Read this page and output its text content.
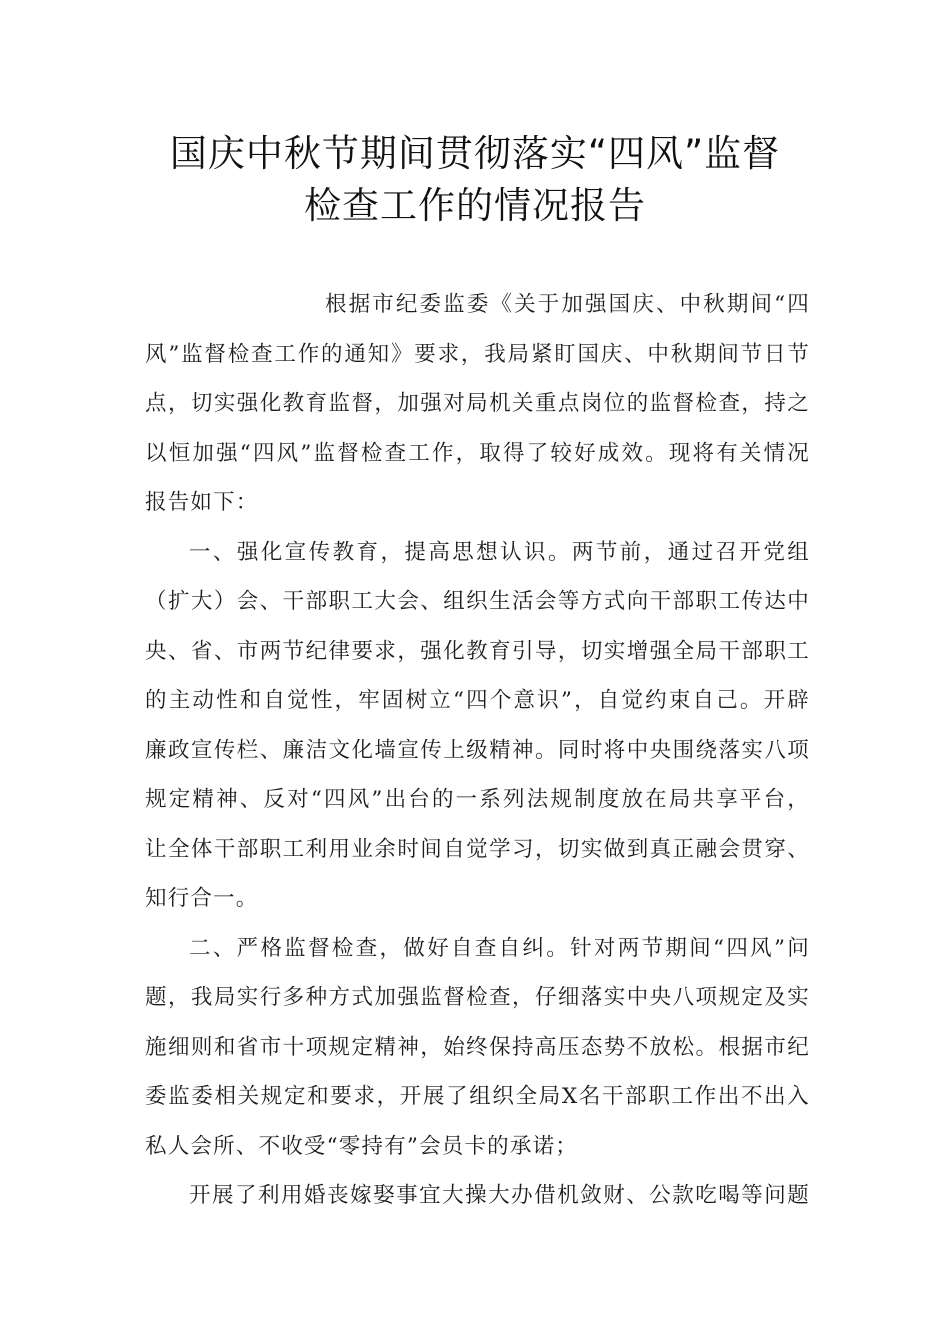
国庆中秋节期间贯彻落实“四风”监督
检查工作的情况报告

根据市纪委监委《关于加强国庆、中秋期间“四
风”监督检查工作的通知》要求，我局紧盯国庆、中秋期间节日节
点，切实强化教育监督，加强对局机关重点岗位的监督检查，持之
以恒加强“四风”监督检查工作，取得了较好成效。现将有关情况
报告如下：

一、强化宣传教育，提高思想认识。两节前，通过召开党组
（扩大）会、干部职工大会、组织生活会等方式向干部职工传达中
央、省、市两节纪律要求，强化教育引导，切实增强全局干部职工
的主动性和自觉性，牢固树立“四个意识”，自觉约束自己。开辟
廉政宣传栏、廉洁文化墙宣传上级精神。同时将中央围绕落实八项
规定精神、反对“四风”出台的一系列法规制度放在局共享平台，
让全体干部职工利用业余时间自觉学习，切实做到真正融会贯穿、
知行合一。

二、严格监督检查，做好自查自纠。针对两节期间“四风”问
题，我局实行多种方式加强监督检查，仔细落实中央八项规定及实
施细则和省市十项规定精神，始终保持高压态势不放松。根据市纪
委监委相关规定和要求，开展了组织全局X名干部职工作出不出入
私人会所、不收受“零持有”会员卡的承诺；

开展了利用婚丧嫁娶事宜大操大办借机敛财、公款吃喝等问题
